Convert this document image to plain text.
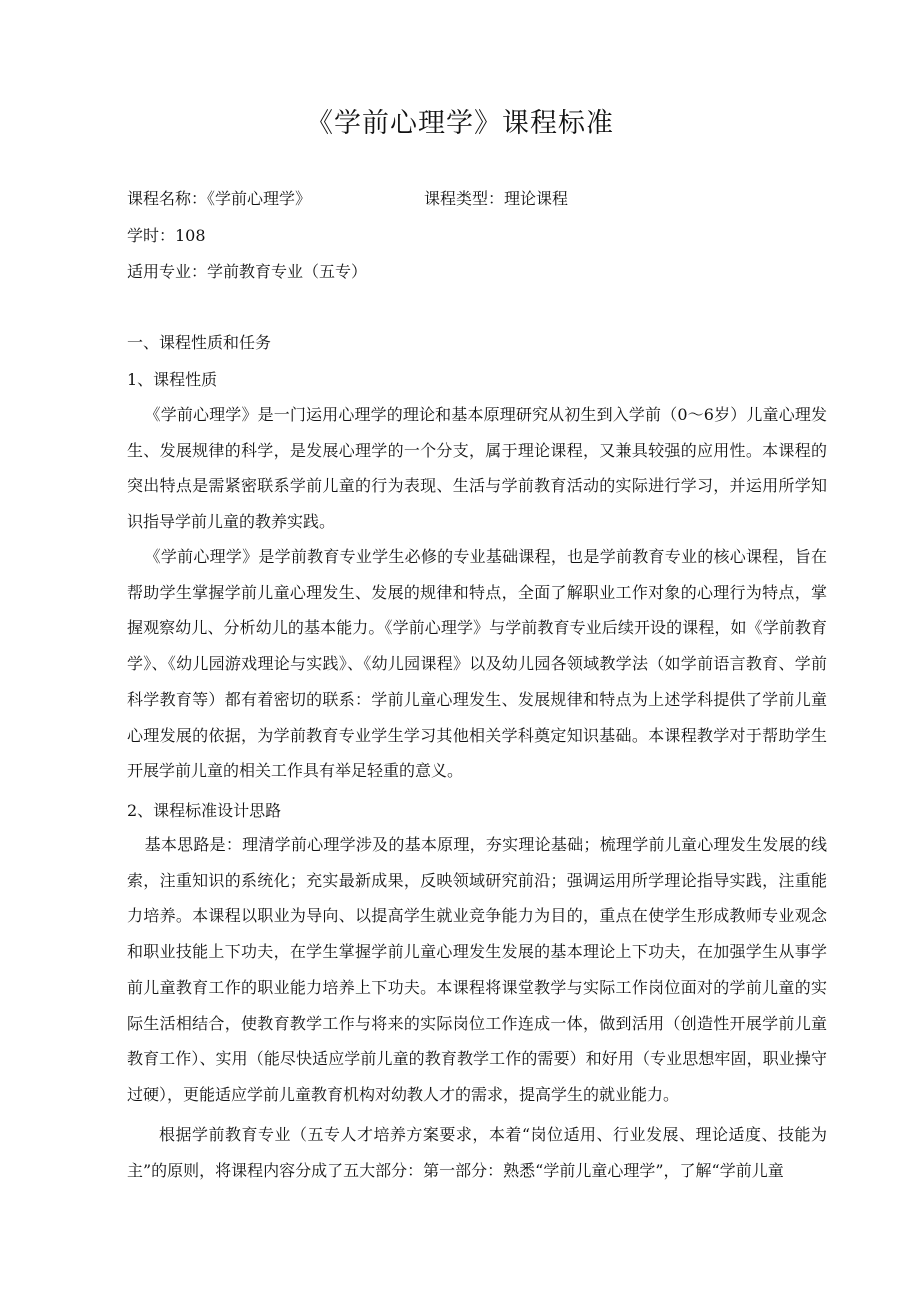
《学前心理学》课程标准
课程名称：《学前心理学》	课程类型：理论课程
学时：108
适用专业：学前教育专业（五专）
一、课程性质和任务
1、课程性质

《学前心理学》是一门运用心理学的理论和基本原理研究从初生到入学前（0～6岁）儿童心理发生、发展规律的科学，是发展心理学的一个分支，属于理论课程，又兼具较强的应用性。本课程的突出特点是需紧密联系学前儿童的行为表现、生活与学前教育活动的实际进行学习，并运用所学知识指导学前儿童的教养实践。

《学前心理学》是学前教育专业学生必修的专业基础课程，也是学前教育专业的核心课程，旨在帮助学生掌握学前儿童心理发生、发展的规律和特点，全面了解职业工作对象的心理行为特点，掌握观察幼儿、分析幼儿的基本能力。《学前心理学》与学前教育专业后续开设的课程，如《学前教育学》、《幼儿园游戏理论与实践》、《幼儿园课程》以及幼儿园各领域教学法（如学前语言教育、学前科学教育等）都有着密切的联系：学前儿童心理发生、发展规律和特点为上述学科提供了学前儿童心理发展的依据，为学前教育专业学生学习其他相关学科奠定知识基础。本课程教学对于帮助学生开展学前儿童的相关工作具有举足轻重的意义。

2、课程标准设计思路

基本思路是：理清学前心理学涉及的基本原理，夯实理论基础；梳理学前儿童心理发生发展的线索，注重知识的系统化；充实最新成果，反映领域研究前沿；强调运用所学理论指导实践，注重能力培养。本课程以职业为导向、以提高学生就业竞争能力为目的，重点在使学生形成教师专业观念和职业技能上下功夫，在学生掌握学前儿童心理发生发展的基本理论上下功夫，在加强学生从事学前儿童教育工作的职业能力培养上下功夫。本课程将课堂教学与实际工作岗位面对的学前儿童的实际生活相结合，使教育教学工作与将来的实际岗位工作连成一体，做到活用（创造性开展学前儿童教育工作）、实用（能尽快适应学前儿童的教育教学工作的需要）和好用（专业思想牢固，职业操守过硬），更能适应学前儿童教育机构对幼教人才的需求，提高学生的就业能力。

根据学前教育专业（五专人才培养方案要求，本着“岗位适用、行业发展、理论适度、技能为主”的原则，将课程内容分成了五大部分：第一部分：熟悉“学前儿童心理学”，了解“学前儿童
